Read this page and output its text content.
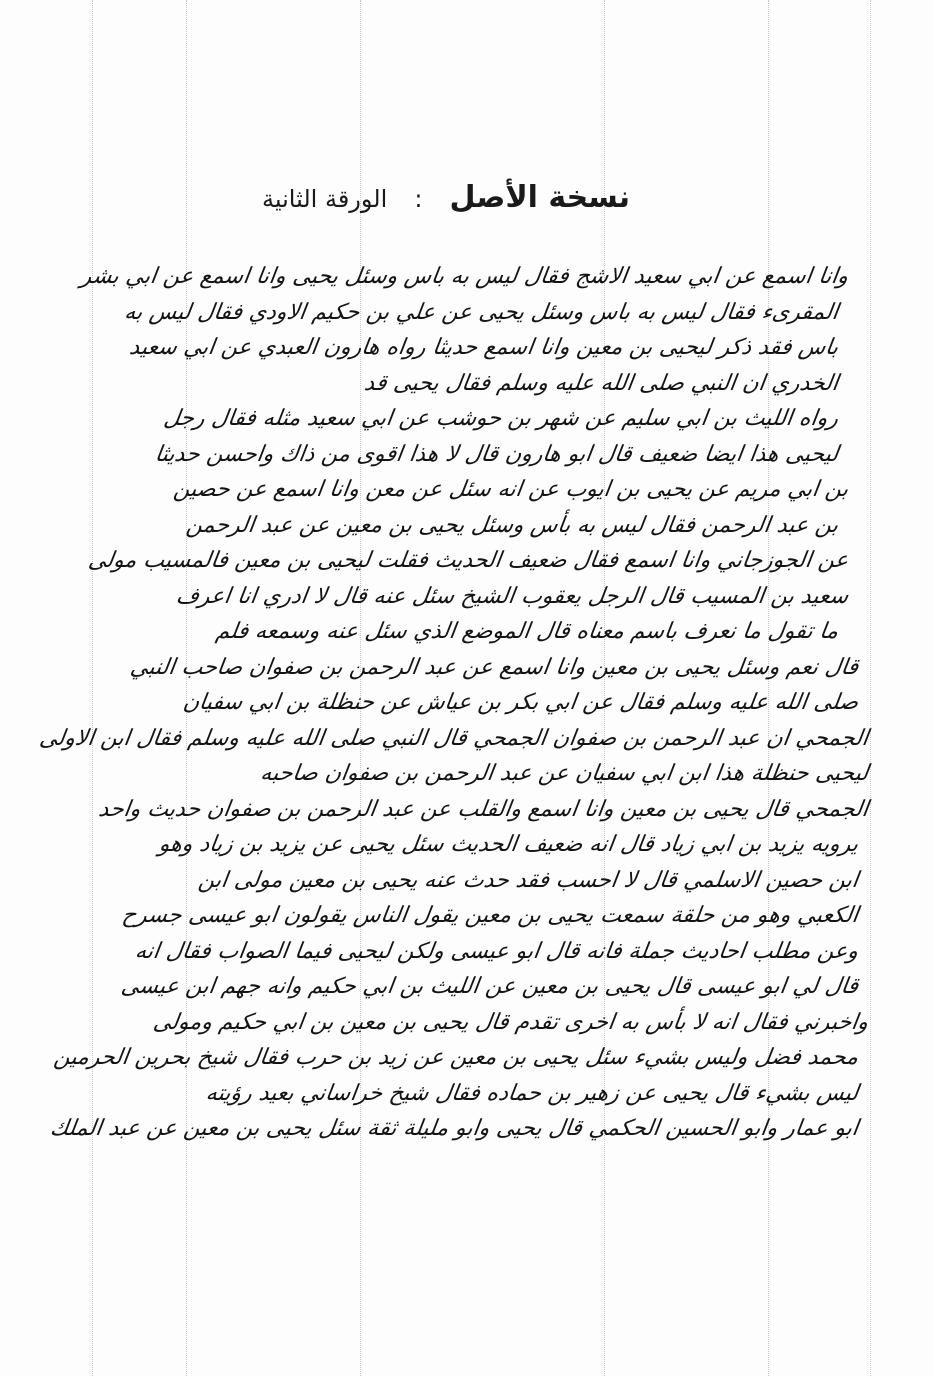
نسخة الأصل : الورقة الثانية
وانا اسمع عن ابي سعيد الاشج فقال ليس به باس وسئل يحيى وانا اسمع عن ابي بشر
المقرىء فقال ليس به باس وسئل يحيى عن علي بن حكيم الاودي فقال ليس به
باس فقد ذكر ليحيى بن معين وانا اسمع حديثا رواه هارون العبدي عن ابي سعيد
الخدري ان النبي صلى الله عليه وسلم فقال يحيى قد
رواه الليث بن ابي سليم عن شهر بن حوشب عن ابي سعيد مثله فقال رجل
ليحيى هذا ايضا ضعيف قال ابو هارون قال لا هذا اقوى من ذاك واحسن حديثا
بن ابي مريم عن يحيى بن ايوب عن انه سئل عن معن وانا اسمع عن حصين
بن عبد الرحمن فقال ليس به بأس وسئل يحيى بن معين عن عبد الرحمن
عن الجوزجاني وانا اسمع فقال ضعيف الحديث فقلت ليحيى بن معين فالمسيب مولى
سعيد بن المسيب قال الرجل يعقوب الشيخ سئل عنه قال لا ادري انا اعرف
ما تقول ما نعرف باسم معناه قال الموضع الذي سئل عنه وسمعه فلم
قال نعم وسئل يحيى بن معين وانا اسمع عن عبد الرحمن بن صفوان صاحب النبي
صلى الله عليه وسلم فقال عن ابي بكر بن عياش عن حنظلة بن ابي سفيان
الجمحي ان عبد الرحمن بن صفوان الجمحي قال النبي صلى الله عليه وسلم فقال ابن الاولى
ليحيى حنظلة هذا ابن ابي سفيان عن عبد الرحمن بن صفوان صاحبه
الجمحي قال يحيى بن معين وانا اسمع والقلب عن عبد الرحمن بن صفوان حديث واحد
يرويه يزيد بن ابي زياد قال انه ضعيف الحديث سئل يحيى عن يزيد بن زياد وهو
ابن حصين الاسلمي قال لا احسب فقد حدث عنه يحيى بن معين مولى ابن
الكعبي وهو من حلقة سمعت يحيى بن معين يقول الناس يقولون ابو عيسى جسرح
وعن مطلب احاديث جملة فانه قال ابو عيسى ولكن ليحيى فيما الصواب فقال انه
قال لي ابو عيسى قال يحيى بن معين عن الليث بن ابي حكيم وانه جهم ابن عيسى
واخبرني فقال انه لا بأس به اخرى تقدم قال يحيى بن معين بن ابي حكيم ومولى
محمد فضل وليس بشيء سئل يحيى بن معين عن زيد بن حرب فقال شيخ بحرين الحرمين
ليس بشيء قال يحيى عن زهير بن حماده فقال شيخ خراساني بعيد رؤيته
ابو عمار وابو الحسين الحكمي قال يحيى وابو مليلة ثقة سئل يحيى بن معين عن عبد الملك
